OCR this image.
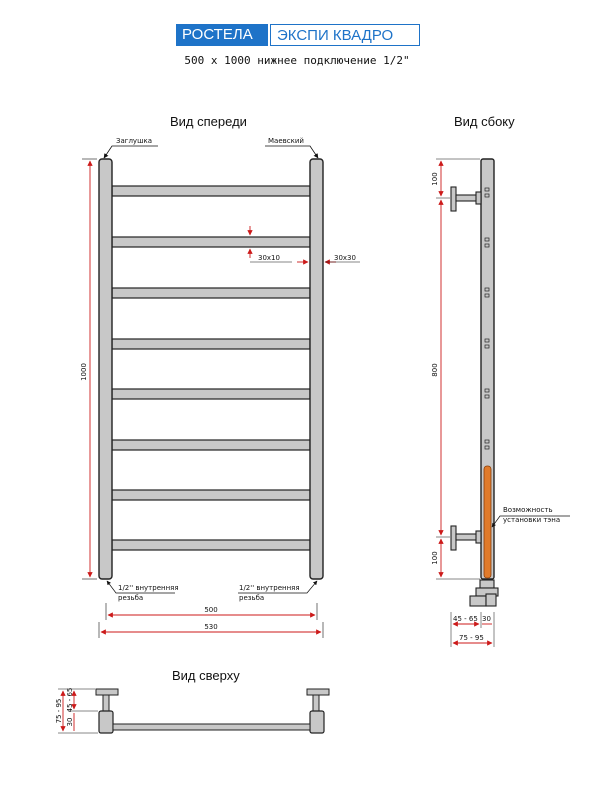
РОСТЕЛА	ЭКСПИ КВАДРО
500 х 1000 нижнее подключение 1/2"
Вид спереди	Вид сбоку
Вид сверху
Заглушка	Маевский
1000
30х10	30х30
1/2'' внутренняя
резьба
1/2'' внутренняя
резьба
500
530
100
800
100
Возможность
установки тэна
45 - 65 30
75 - 95
75 - 95 30
45 - 65
